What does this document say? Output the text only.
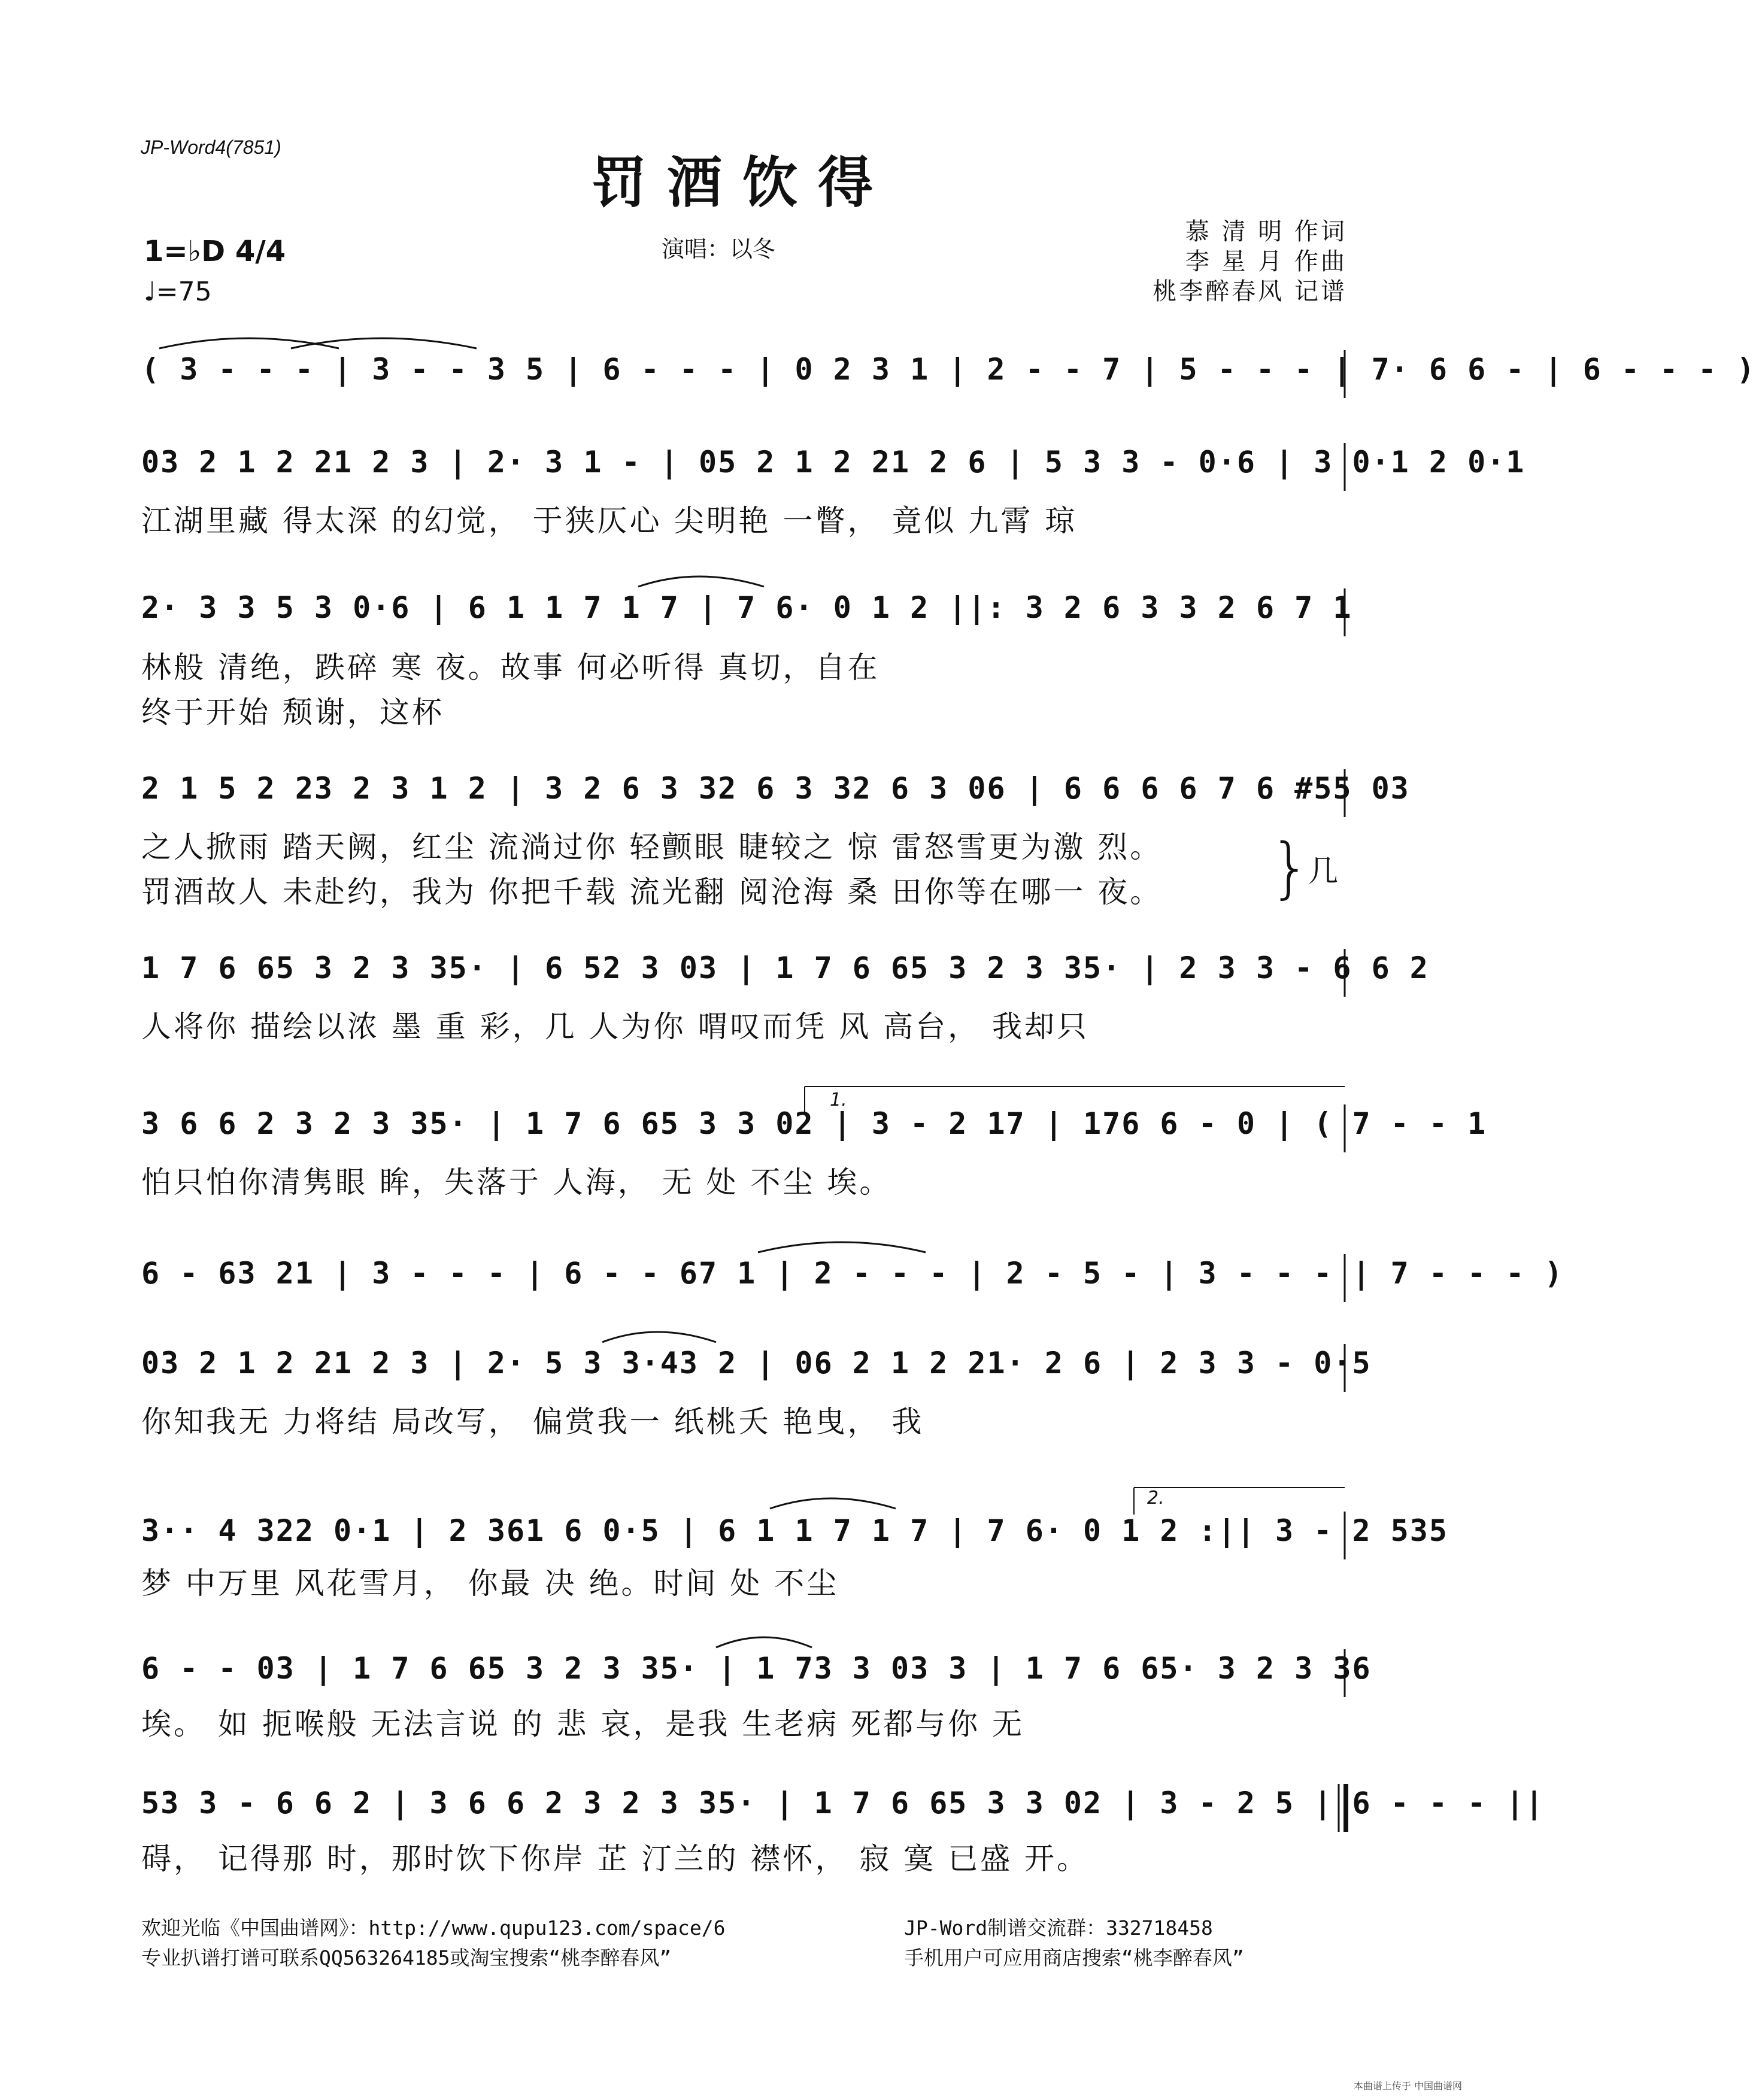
JP-Word4(7851)
罚酒饮得
演唱：以冬
慕 清 明 作词
李 星 月 作曲
桃李醉春风 记谱
1=♭D 4/4
♩=75
( 3 - - - | 3 - - 3 5 | 6 - - - | 0 2 3 1 | 2 - - 7 | 5 - - - | 7· 6 6 - | 6 - - - )
03 2 1 2 21 2 3 | 2· 3 1 - | 05 2 1 2 21 2 6 | 5 3 3 - 0·6 | 3 0·1 2 0·1
江湖里藏 得太深 的幻觉， 于狭仄心 尖明艳 一瞥， 竟似 九霄 琼
2· 3 3 5 3 0·6 | 6 1 1 7 1 7 | 7 6· 0 1 2 ||: 3 2 6 3 3 2 6 7 1
林般 清绝，跌碎 寒 夜。故事 何必听得 真切，自在
终于开始 颓谢，这杯
2 1 5 2 23 2 3 1 2 | 3 2 6 3 32 6 3 32 6 3 06 | 6 6 6 6 7 6 #55 03
之人掀雨 踏天阙，红尘 流淌过你 轻颤眼 睫较之 惊 雷怒雪更为激 烈。
罚酒故人 未赴约，我为 你把千载 流光翻 阅沧海 桑 田你等在哪一 夜。	}
几
1 7 6 65 3 2 3 35· | 6 52 3 03 | 1 7 6 65 3 2 3 35· | 2 3 3 - 6 6 2
人将你 描绘以浓 墨 重 彩，几 人为你 喟叹而凭 风 高台， 我却只
1.
3 6 6 2 3 2 3 35· | 1 7 6 65 3 3 02 | 3 - 2 17 | 176 6 - 0 | ( 7 - - 1
怕只怕你清隽眼 眸，失落于 人海， 无 处 不尘 埃。
6 - 63 21 | 3 - - - | 6 - - 67 1 | 2 - - - | 2 - 5 - | 3 - - - | 7 - - - )
03 2 1 2 21 2 3 | 2· 5 3 3·43 2 | 06 2 1 2 21· 2 6 | 2 3 3 - 0·5
你知我无 力将结 局改写， 偏赏我一 纸桃夭 艳曳， 我
2.
3·· 4 322 0·1 | 2 361 6 0·5 | 6 1 1 7 1 7 | 7 6· 0 1 2 :|| 3 - 2 535
梦 中万里 风花雪月， 你最 决 绝。时间 处 不尘
6 - - 03 | 1 7 6 65 3 2 3 35· | 1 73 3 03 3 | 1 7 6 65· 3 2 3 36
埃。 如 扼喉般 无法言说 的 悲 哀，是我 生老病 死都与你 无
53 3 - 6 6 2 | 3 6 6 2 3 2 3 35· | 1 7 6 65 3 3 02 | 3 - 2 5 | 6 - - - ||
碍， 记得那 时，那时饮下你岸 芷 汀兰的 襟怀， 寂 寞 已盛 开。
欢迎光临《中国曲谱网》：http://www.qupu123.com/space/6
专业扒谱打谱可联系QQ563264185或淘宝搜索“桃李醉春风”
JP-Word制谱交流群：332718458
手机用户可应用商店搜索“桃李醉春风”
本曲谱上传于 中国曲谱网
